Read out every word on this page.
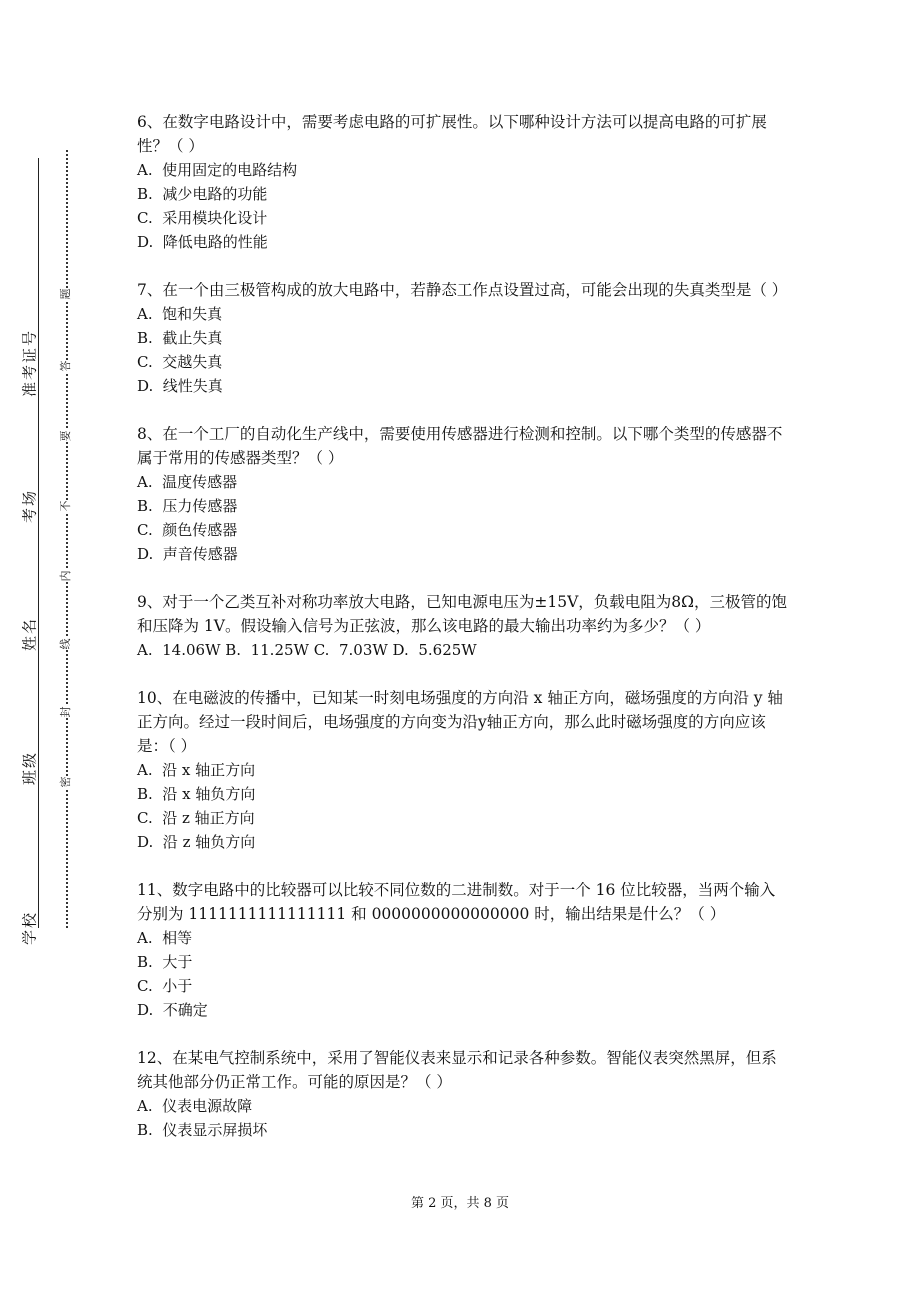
号
证
考
准
场
考
名
姓
级
班
校
学
题
答
要
不
内
线
封
密

6、在数字电路设计中，需要考虑电路的可扩展性。以下哪种设计方法可以提高电路的可扩展性？（ ）

A.  使用固定的电路结构

B.  减少电路的功能

C.  采用模块化设计

D.  降低电路的性能

7、在一个由三极管构成的放大电路中，若静态工作点设置过高，可能会出现的失真类型是（ ）

A.  饱和失真

B.  截止失真

C.  交越失真

D.  线性失真

8、在一个工厂的自动化生产线中，需要使用传感器进行检测和控制。以下哪个类型的传感器不属于常用的传感器类型？（ ）

A.  温度传感器

B.  压力传感器

C.  颜色传感器

D.  声音传感器

9、对于一个乙类互补对称功率放大电路，已知电源电压为±15V，负载电阻为8Ω，三极管的饱和压降为 1V。假设输入信号为正弦波，那么该电路的最大输出功率约为多少？（ ）

A.  14.06W B.  11.25W C.  7.03W D.  5.625W

10、在电磁波的传播中，已知某一时刻电场强度的方向沿 x 轴正方向，磁场强度的方向沿 y 轴正方向。经过一段时间后，电场强度的方向变为沿y轴正方向，那么此时磁场强度的方向应该是：（ ）

A.  沿 x 轴正方向

B.  沿 x 轴负方向

C.  沿 z 轴正方向

D.  沿 z 轴负方向

11、数字电路中的比较器可以比较不同位数的二进制数。对于一个 16 位比较器，当两个输入分别为 1111111111111111 和 0000000000000000 时，输出结果是什么？（ ）

A.  相等

B.  大于

C.  小于

D.  不确定

12、在某电气控制系统中，采用了智能仪表来显示和记录各种参数。智能仪表突然黑屏，但系统其他部分仍正常工作。可能的原因是？（ ）

A.  仪表电源故障

B.  仪表显示屏损坏

第 2 页，共 8 页
